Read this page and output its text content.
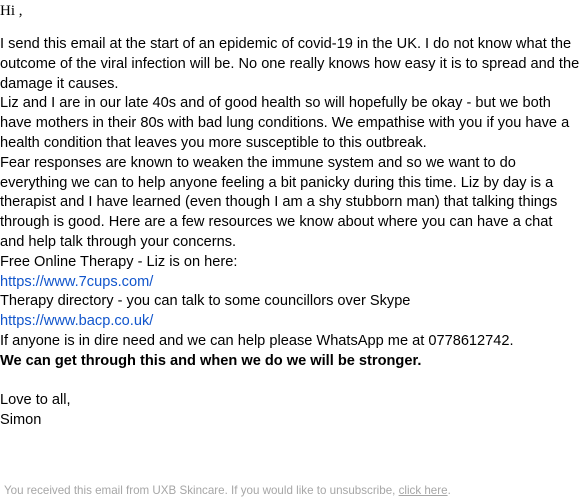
Hi ,

I send this email at the start of an epidemic of covid-19 in the UK. I do not know what the outcome of the viral infection will be. No one really knows how easy it is to spread and the damage it causes.

Liz and I are in our late 40s and of good health so will hopefully be okay - but we both have mothers in their 80s with bad lung conditions. We empathise with you if you have a health condition that leaves you more susceptible to this outbreak.

Fear responses are known to weaken the immune system and so we want to do everything we can to help anyone feeling a bit panicky during this time. Liz by day is a therapist and I have learned (even though I am a shy stubborn man) that talking things through is good. Here are a few resources we know about where you can have a chat and help talk through your concerns.

Free Online Therapy - Liz is on here:

https://www.7cups.com/

Therapy directory - you can talk to some councillors over Skype

https://www.bacp.co.uk/

If anyone is in dire need and we can help please WhatsApp me at 0778612742.

We can get through this and when we do we will be stronger.

Love to all,

Simon

You received this email from UXB Skincare. If you would like to unsubscribe, click here.
